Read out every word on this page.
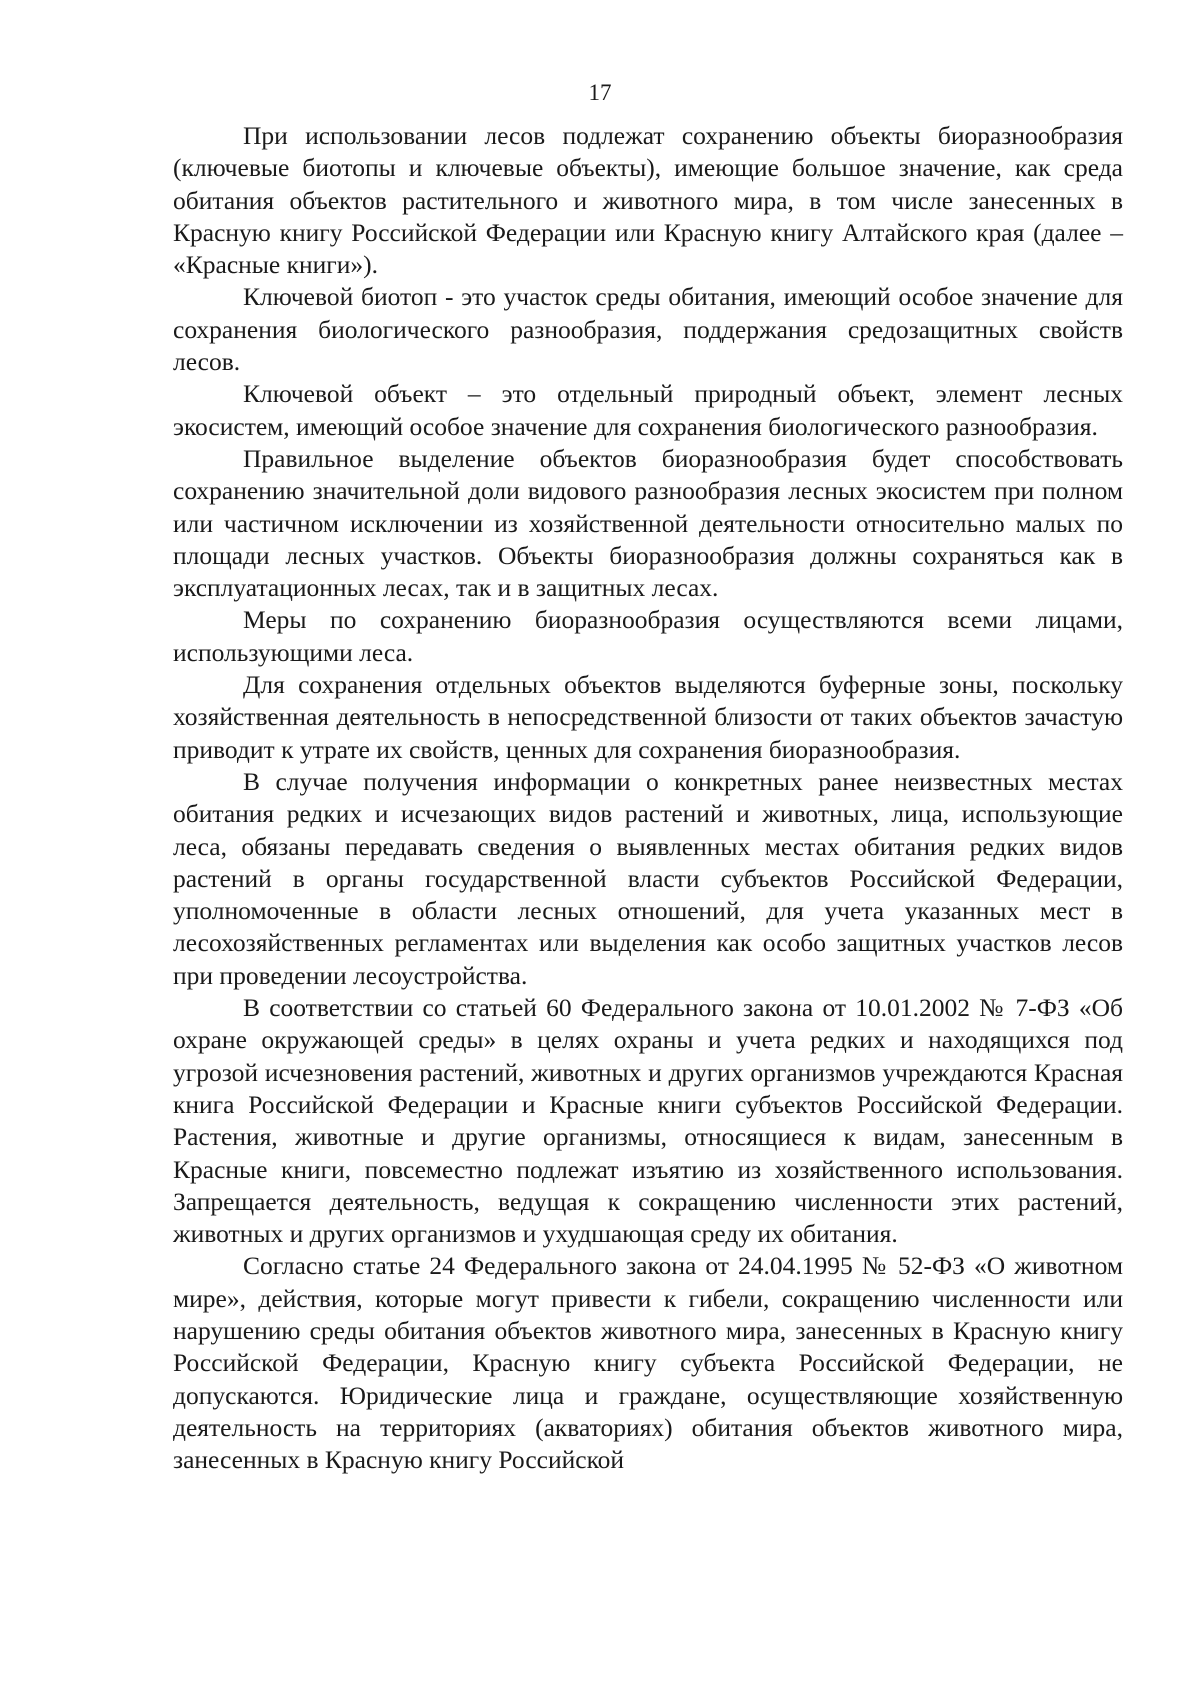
17

При использовании лесов подлежат сохранению объекты биоразнообразия (ключевые биотопы и ключевые объекты), имеющие большое значение, как среда обитания объектов растительного и животного мира, в том числе занесенных в Красную книгу Российской Федерации или Красную книгу Алтайского края (далее – «Красные книги»).

Ключевой биотоп - это участок среды обитания, имеющий особое значение для сохранения биологического разнообразия, поддержания средозащитных свойств лесов.

Ключевой объект – это отдельный природный объект, элемент лесных экосистем, имеющий особое значение для сохранения биологического разнообразия.

Правильное выделение объектов биоразнообразия будет способствовать сохранению значительной доли видового разнообразия лесных экосистем при полном или частичном исключении из хозяйственной деятельности относительно малых по площади лесных участков. Объекты биоразнообразия должны сохраняться как в эксплуатационных лесах, так и в защитных лесах.

Меры по сохранению биоразнообразия осуществляются всеми лицами, использующими леса.

Для сохранения отдельных объектов выделяются буферные зоны, поскольку хозяйственная деятельность в непосредственной близости от таких объектов зачастую приводит к утрате их свойств, ценных для сохранения биоразнообразия.

В случае получения информации о конкретных ранее неизвестных местах обитания редких и исчезающих видов растений и животных, лица, использующие леса, обязаны передавать сведения о выявленных местах обитания редких видов растений в органы государственной власти субъектов Российской Федерации, уполномоченные в области лесных отношений, для учета указанных мест в лесохозяйственных регламентах или выделения как особо защитных участков лесов при проведении лесоустройства.

В соответствии со статьей 60 Федерального закона от 10.01.2002 № 7-ФЗ «Об охране окружающей среды» в целях охраны и учета редких и находящихся под угрозой исчезновения растений, животных и других организмов учреждаются Красная книга Российской Федерации и Красные книги субъектов Российской Федерации. Растения, животные и другие организмы, относящиеся к видам, занесенным в Красные книги, повсеместно подлежат изъятию из хозяйственного использования. Запрещается деятельность, ведущая к сокращению численности этих растений, животных и других организмов и ухудшающая среду их обитания.

Согласно статье 24 Федерального закона от 24.04.1995 № 52-ФЗ «О животном мире», действия, которые могут привести к гибели, сокращению численности или нарушению среды обитания объектов животного мира, занесенных в Красную книгу Российской Федерации, Красную книгу субъекта Российской Федерации, не допускаются. Юридические лица и граждане, осуществляющие хозяйственную деятельность на территориях (акваториях) обитания объектов животного мира, занесенных в Красную книгу Российской
